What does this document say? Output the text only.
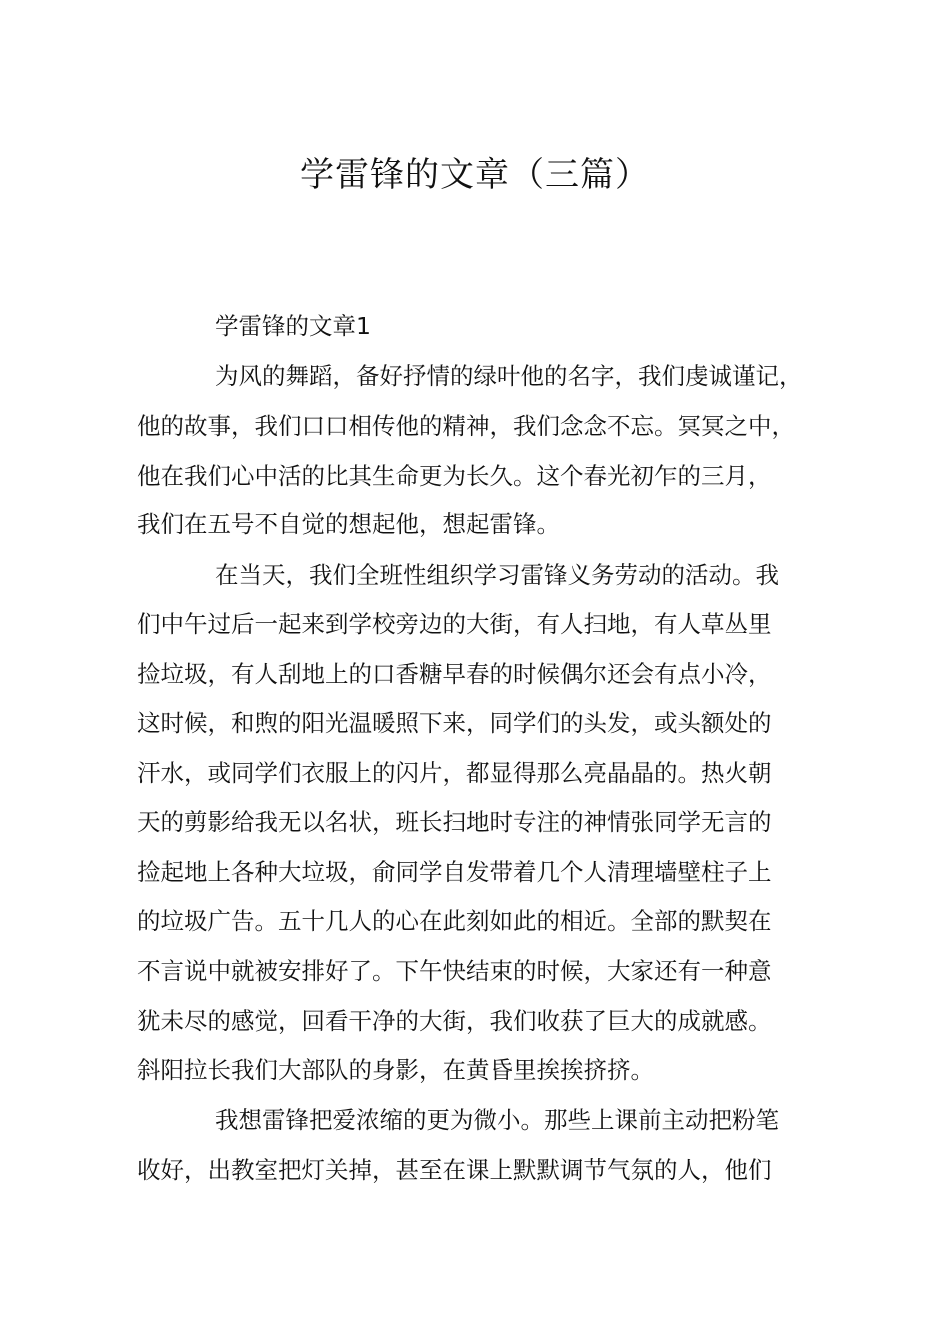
学雷锋的文章（三篇）
学雷锋的文章1
为风的舞蹈，备好抒情的绿叶他的名字，我们虔诚谨记，
他的故事，我们口口相传他的精神，我们念念不忘。冥冥之中，
他在我们心中活的比其生命更为长久。这个春光初乍的三月，
我们在五号不自觉的想起他，想起雷锋。
在当天，我们全班性组织学习雷锋义务劳动的活动。我
们中午过后一起来到学校旁边的大街，有人扫地，有人草丛里
捡垃圾，有人刮地上的口香糖早春的时候偶尔还会有点小冷，
这时候，和煦的阳光温暖照下来，同学们的头发，或头额处的
汗水，或同学们衣服上的闪片，都显得那么亮晶晶的。热火朝
天的剪影给我无以名状，班长扫地时专注的神情张同学无言的
捡起地上各种大垃圾，俞同学自发带着几个人清理墙壁柱子上
的垃圾广告。五十几人的心在此刻如此的相近。全部的默契在
不言说中就被安排好了。下午快结束的时候，大家还有一种意
犹未尽的感觉，回看干净的大街，我们收获了巨大的成就感。
斜阳拉长我们大部队的身影，在黄昏里挨挨挤挤。
我想雷锋把爱浓缩的更为微小。那些上课前主动把粉笔
收好，出教室把灯关掉，甚至在课上默默调节气氛的人，他们
